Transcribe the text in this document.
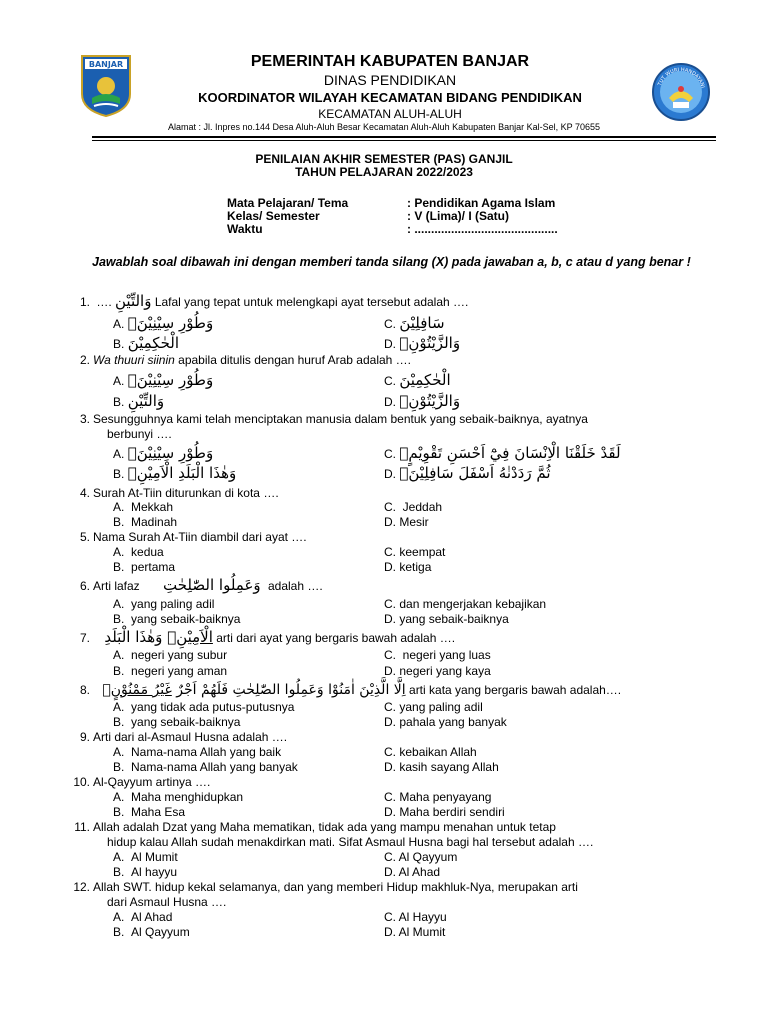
BANJAR	PEMERINTAH KABUPATEN BANJAR
DINAS PENDIDIKAN
KOORDINATOR WILAYAH KECAMATAN BIDANG PENDIDIKAN
KECAMATAN ALUH-ALUH
TUT WURI HANDAYANI
Alamat : Jl. Inpres no.144 Desa Aluh-Aluh Besar Kecamatan Aluh-Aluh Kabupaten Banjar Kal-Sel, KP 70655
PENILAIAN AKHIR SEMESTER (PAS) GANJIL
TAHUN PELAJARAN 2022/2023
Mata Pelajaran/ Tema	: Pendidikan Agama Islam
Kelas/ Semester	: V (Lima)/ I (Satu)
Waktu	: ...........................................
Jawablah soal dibawah ini dengan memberi tanda silang (X) pada jawaban a, b, c atau d yang benar !
1. …. وَالتِّيْنِ Lafal yang tepat untuk melengkapi ayat tersebut adalah ….
A. وَطُوْرِ سِيْنِيْنَۙ
B. الْحٰكِمِيْنَ
C. سَافِلِيْنَ
D. وَالزَّيْتُوْنِۙ
2. Wa thuuri siinin apabila ditulis dengan huruf Arab adalah ….
A. وَطُوْرِ سِيْنِيْنَۙ
B. وَالتِّيْنِ
C. الْحٰكِمِيْنَ
D. وَالزَّيْتُوْنِۙ
3. Sesungguhnya kami telah menciptakan manusia dalam bentuk yang sebaik-baiknya, ayatnya
berbunyi ….
A. وَطُوْرِ سِيْنِيْنَۙ
B. وَهٰذَا الْبَلَدِ الْاَمِيْنِۙ
C. لَقَدْ خَلَقْنَا الْاِنْسَانَ فِيْٓ اَحْسَنِ تَقْوِيْمٍۖ
D. ثُمَّ رَدَدْنٰهُ اَسْفَلَ سَافِلِيْنَۙ
4. Surah At-Tiin diturunkan di kota ….
A. Mekkah
B. Madinah
C. Jeddah
D. Mesir
5. Nama Surah At-Tiin diambil dari ayat ….
A. kedua
B. pertama
C. keempat
D. ketiga
6. Arti lafaz وَعَمِلُوا الصّٰلِحٰتِ adalah ….
A. yang paling adil
B. yang sebaik-baiknya
C. dan mengerjakan kebajikan
D. yang sebaik-baiknya
7.	الْاَمِيْنِۙ وَهٰذَا الْبَلَدِ	arti dari ayat yang bergaris bawah adalah ….
A. negeri yang subur
B. negeri yang aman
C. negeri yang luas
D. negeri yang kaya
8.	اِلَّا الَّذِيْنَ اٰمَنُوْا وَعَمِلُوا الصّٰلِحٰتِ فَلَهُمْ اَجْرٌ غَيْرُ مَمْنُوْنٍۗ	arti kata yang bergaris bawah adalah….
A. yang tidak ada putus-putusnya
B. yang sebaik-baiknya
C. yang paling adil
D. pahala yang banyak
9. Arti dari al-Asmaul Husna adalah ….
A. Nama-nama Allah yang baik
B. Nama-nama Allah yang banyak
C. kebaikan Allah
D. kasih sayang Allah
10. Al-Qayyum artinya ….
A. Maha menghidupkan
B. Maha Esa
C. Maha penyayang
D. Maha berdiri sendiri
11. Allah adalah Dzat yang Maha mematikan, tidak ada yang mampu menahan untuk tetap
hidup kalau Allah sudah menakdirkan mati. Sifat Asmaul Husna bagi hal tersebut adalah ….
A. Al Mumit
B. Al hayyu
C. Al Qayyum
D. Al Ahad
12. Allah SWT. hidup kekal selamanya, dan yang memberi Hidup makhluk-Nya, merupakan arti
dari Asmaul Husna ….
A. Al Ahad
B. Al Qayyum
C. Al Hayyu
D. Al Mumit
